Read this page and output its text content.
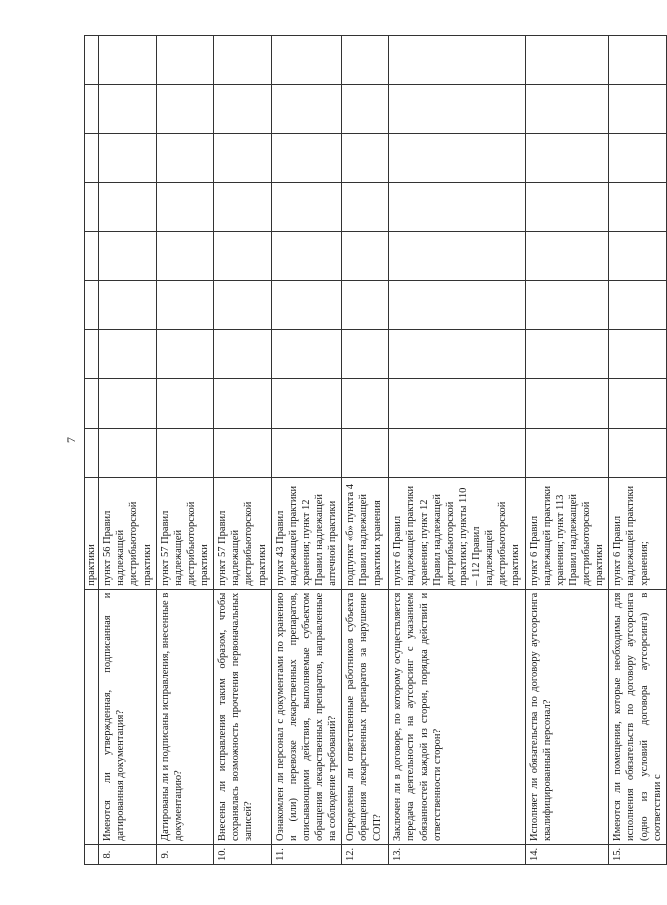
7
		практики									
8.	Имеются ли утвержденная, подписанная и датированная документация?	пункт 56 Правил надлежащей дистрибьюторской практики									
9.	Датированы ли и подписаны исправления, внесенные в документацию?	пункт 57 Правил надлежащей дистрибьюторской практики									
10.	Внесены ли исправления таким образом, чтобы сохранялась возможность прочтения первоначальных записей?	пункт 57 Правил надлежащей дистрибьюторской практики									
11.	Ознакомлен ли персонал с документами по хранению и (или) перевозке лекарственных препаратов, описывающими действия, выполняемые субъектом обращения лекарственных препаратов, направленные на соблюдение требований?	пункт 43 Правил надлежащей практики хранения; пункт 12 Правил надлежащей аптечной практики									
12.	Определены ли ответственные работников субъекта обращения лекарственных препаратов за нарушение СОП?	подпункт «б» пункта 4 Правил надлежащей практики хранения									
13.	Заключен ли в договоре, по которому осуществляется передача деятельности на аутсорсинг с указанием обязанностей каждой из сторон, порядка действий и ответственности сторон?	пункт 6 Правил надлежащей практики хранения; пункт 12 Правил надлежащей дистрибьюторской практики; пункты 110 – 112 Правил надлежащей дистрибьюторской практики									
14.	Исполняет ли обязательства по договору аутсорсинга квалифицированный персонал?	пункт 6 Правил надлежащей практики хранения; пункт 113 Правил надлежащей дистрибьюторской практики									
15.	Имеются ли помещения, которые необходимы для исполнения обязательств по договору аутсорсинга (одно из условий договора аутсорсинга) в соответствии с	пункт 6 Правил надлежащей практики хранения;									
